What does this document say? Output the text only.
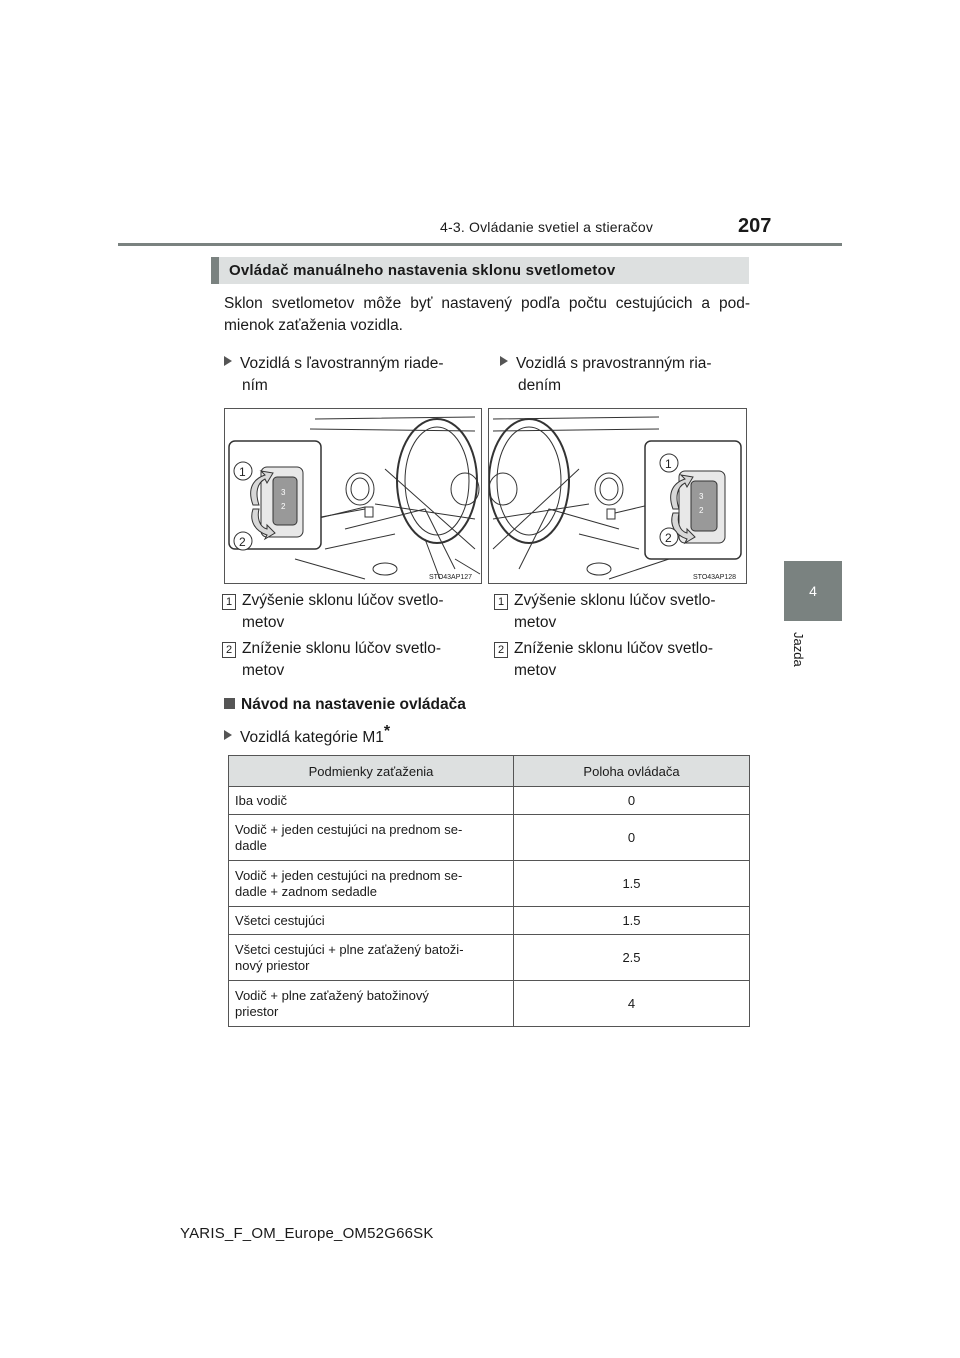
4-3. Ovládanie svetiel a stieračov	207
4
Jazda
Ovládač manuálneho nastavenia sklonu svetlometov
Sklon svetlometov môže byť nastavený podľa počtu cestujúcich a pod-mienok zaťaženia vozidla.
Vozidlá s ľavostranným riade-
ním
Vozidlá s pravostranným ria-
dením
3
2
1
2
STO43AP127
3
2
1
2
STO43AP128
1 Zvýšenie sklonu lúčov svetlo-
metov
2 Zníženie sklonu lúčov svetlo-
metov
1 Zvýšenie sklonu lúčov svetlo-
metov
2 Zníženie sklonu lúčov svetlo-
metov
Návod na nastavenie ovládača
Vozidlá kategórie M1*
Podmienky zaťaženia	Poloha ovládača
Iba vodič	0
Vodič + jeden cestujúci na prednom se-
dadle	0
Vodič + jeden cestujúci na prednom se-
dadle + zadnom sedadle	1.5
Všetci cestujúci	1.5
Všetci cestujúci + plne zaťažený batoži-
nový priestor	2.5
Vodič + plne zaťažený batožinový
priestor	4
YARIS_F_OM_Europe_OM52G66SK
